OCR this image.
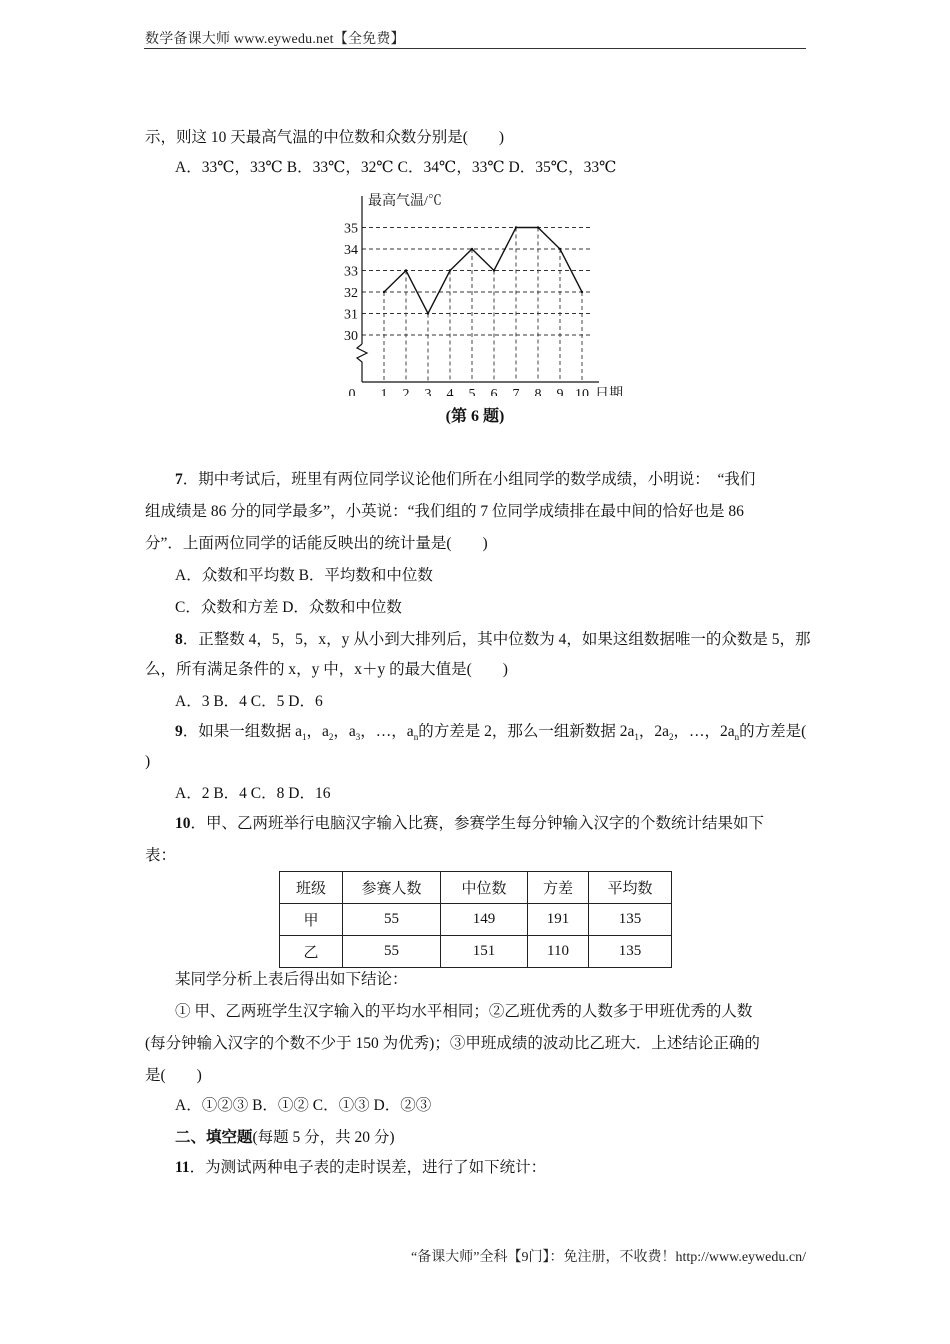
数学备课大师 www.eywedu.net【全免费】
示，则这 10 天最高气温的中位数和众数分别是(　　)
A．33℃，33℃ B．33℃，32℃ C．34℃，33℃ D．35℃，33℃
30
31
32
33
34
35
0 1 2 3 4 5 6 7 8 9 10
最高气温/℃
日期
(第 6 题)
7．期中考试后，班里有两位同学议论他们所在小组同学的数学成绩，小明说：　“我们
组成绩是 86 分的同学最多”，小英说：“我们组的 7 位同学成绩排在最中间的恰好也是 86
分”．上面两位同学的话能反映出的统计量是(　　)
A．众数和平均数 B．平均数和中位数
C．众数和方差 D．众数和中位数
8．正整数 4，5，5，x，y 从小到大排列后，其中位数为 4，如果这组数据唯一的众数是 5，那
么，所有满足条件的 x，y 中，x＋y 的最大值是(　　)
A．3 B．4 C．5 D．6
9．如果一组数据 $a_1$，$a_2$，$a_3$，…，$a_n$的方差是 2，那么一组新数据 $2a_1$，$2a_2$，…，$2a_n$的方差是(
)
A．2 B．4 C．8 D．16
10．甲、乙两班举行电脑汉字输入比赛，参赛学生每分钟输入汉字的个数统计结果如下
表：
班级	参赛人数	中位数	方差	平均数
甲	55	149	191	135
乙	55	151	110	135
某同学分析上表后得出如下结论：
① 甲、乙两班学生汉字输入的平均水平相同；②乙班优秀的人数多于甲班优秀的人数
(每分钟输入汉字的个数不少于 150 为优秀)；③甲班成绩的波动比乙班大．上述结论正确的
是(　　)
A．①②③ B．①② C．①③ D．②③
二、填空题(每题 5 分，共 20 分)
11．为测试两种电子表的走时误差，进行了如下统计：
“备课大师”全科【9门】：免注册，不收费！http://www.eywedu.cn/
